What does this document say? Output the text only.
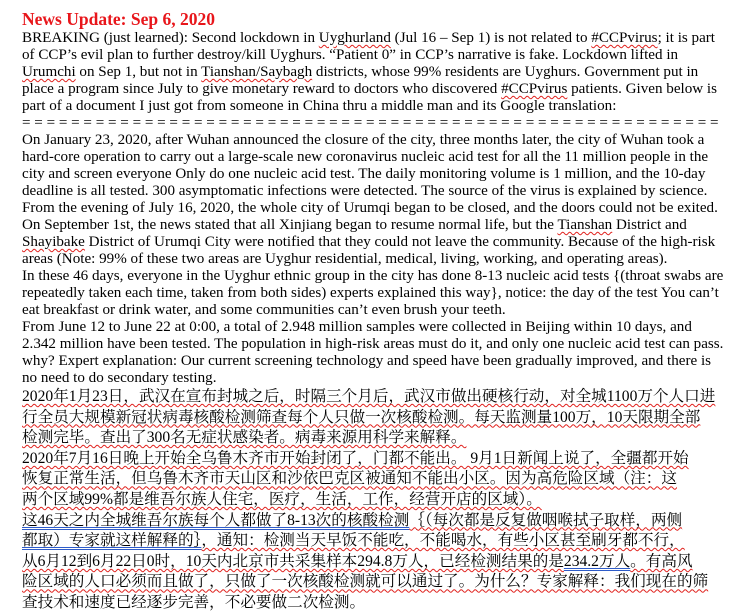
News Update: Sep 6, 2020
BREAKING (just learned): Second lockdown in Uyghurland (Jul 16 – Sep 1) is not related to #CCPvirus; it is part
of CCP’s evil plan to further destroy/kill Uyghurs. “Patient 0” in CCP’s narrative is fake. Lockdown lifted in
Urumchi on Sep 1, but not in Tianshan/Saybagh districts, whose 99% residents are Uyghurs. Government put in
place a program since July to give monetary reward to doctors who discovered #CCPvirus patients. Given below is
part of a document I just got from someone in China thru a middle man and its Google translation:
= = = = = = = = = = = = = = = = = = = = = = = = = = = = = = = = = = = = = = = = = = = = = = = = = = = = = = = = =
On January 23, 2020, after Wuhan announced the closure of the city, three months later, the city of Wuhan took a
hard-core operation to carry out a large-scale new coronavirus nucleic acid test for all the 11 million people in the
city and screen everyone Only do one nucleic acid test. The daily monitoring volume is 1 million, and the 10-day
deadline is all tested. 300 asymptomatic infections were detected. The source of the virus is explained by science.
From the evening of July 16, 2020, the whole city of Urumqi began to be closed, and the doors could not be exited.
On September 1st, the news stated that all Xinjiang began to resume normal life, but the Tianshan District and
Shayibake District of Urumqi City were notified that they could not leave the community. Because of the high-risk
areas (Note: 99% of these two areas are Uyghur residential, medical, living, working, and operating areas).
In these 46 days, everyone in the Uyghur ethnic group in the city has done 8-13 nucleic acid tests {(throat swabs are
repeatedly taken each time, taken from both sides) experts explained this way}, notice: the day of the test You can’t
eat breakfast or drink water, and some communities can’t even brush your teeth.
From June 12 to June 22 at 0:00, a total of 2.948 million samples were collected in Beijing within 10 days, and
2.342 million have been tested. The population in high-risk areas must do it, and only one nucleic acid test can pass.
why? Expert explanation: Our current screening technology and speed have been gradually improved, and there is
no need to do secondary testing.
2020年1月23日，武汉在宣布封城之后，时隔三个月后，武汉市做出硬核行动，对全城1100万个人口进
行全员大规模新冠状病毒核酸检测筛查每个人只做一次核酸检测。每天监测量100万，10天限期全部
检测完毕。查出了300名无症状感染者。病毒来源用科学来解释。
2020年7月16日晚上开始全乌鲁木齐市开始封闭了，门都不能出。 9月1日新闻上说了，全疆都开始
恢复正常生活，但乌鲁木齐市天山区和沙依巴克区被通知不能出小区。因为高危险区域（注：这
两个区域99%都是维吾尔族人住宅，医疗，生活，工作，经营开店的区域）。
这46天之内全城维吾尔族每个人都做了8-13次的核酸检测｛（每次都是反复做咽喉拭子取样，两侧
都取）专家就这样解释的｝，通知：检测当天早饭不能吃，不能喝水，有些小区甚至刷牙都不行，
从6月12到6月22日0时，10天内北京市共采集样本294.8万人，已经检测结果的是234.2万人。有高风
险区域的人口必须而且做了，只做了一次核酸检测就可以通过了。为什么？专家解释：我们现在的筛
查技术和速度已经逐步完善，不必要做二次检测。
